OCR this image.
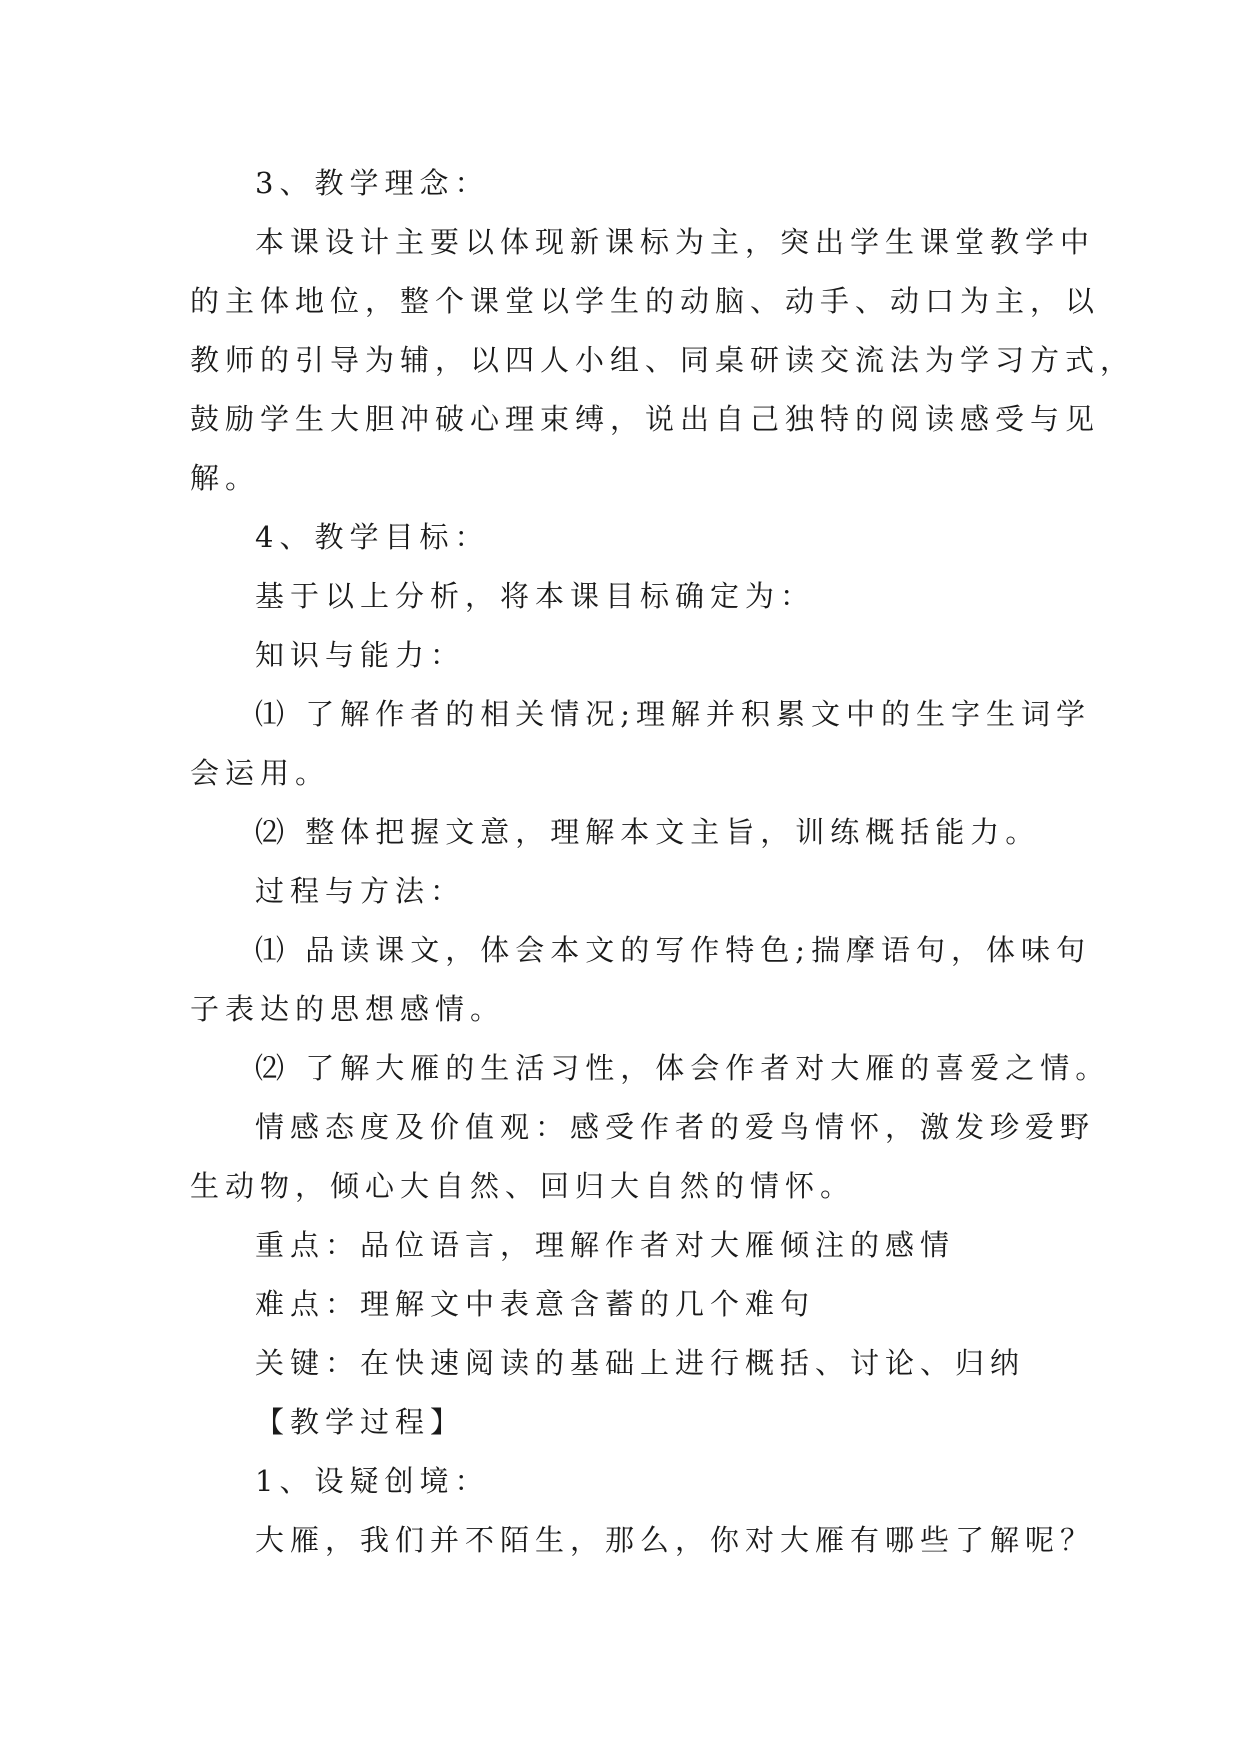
3、教学理念：
本课设计主要以体现新课标为主，突出学生课堂教学中
的主体地位，整个课堂以学生的动脑、动手、动口为主，以
教师的引导为辅，以四人小组、同桌研读交流法为学习方式，
鼓励学生大胆冲破心理束缚，说出自己独特的阅读感受与见
解。
4、教学目标：
基于以上分析，将本课目标确定为：
知识与能力：
⑴ 了解作者的相关情况;理解并积累文中的生字生词学
会运用。
⑵ 整体把握文意，理解本文主旨，训练概括能力。
过程与方法：
⑴ 品读课文，体会本文的写作特色;揣摩语句，体味句
子表达的思想感情。
⑵ 了解大雁的生活习性，体会作者对大雁的喜爱之情。
情感态度及价值观：感受作者的爱鸟情怀，激发珍爱野
生动物，倾心大自然、回归大自然的情怀。
重点：品位语言，理解作者对大雁倾注的感情
难点：理解文中表意含蓄的几个难句
关键：在快速阅读的基础上进行概括、讨论、归纳
【教学过程】
1、设疑创境：
大雁，我们并不陌生，那么，你对大雁有哪些了解呢？
